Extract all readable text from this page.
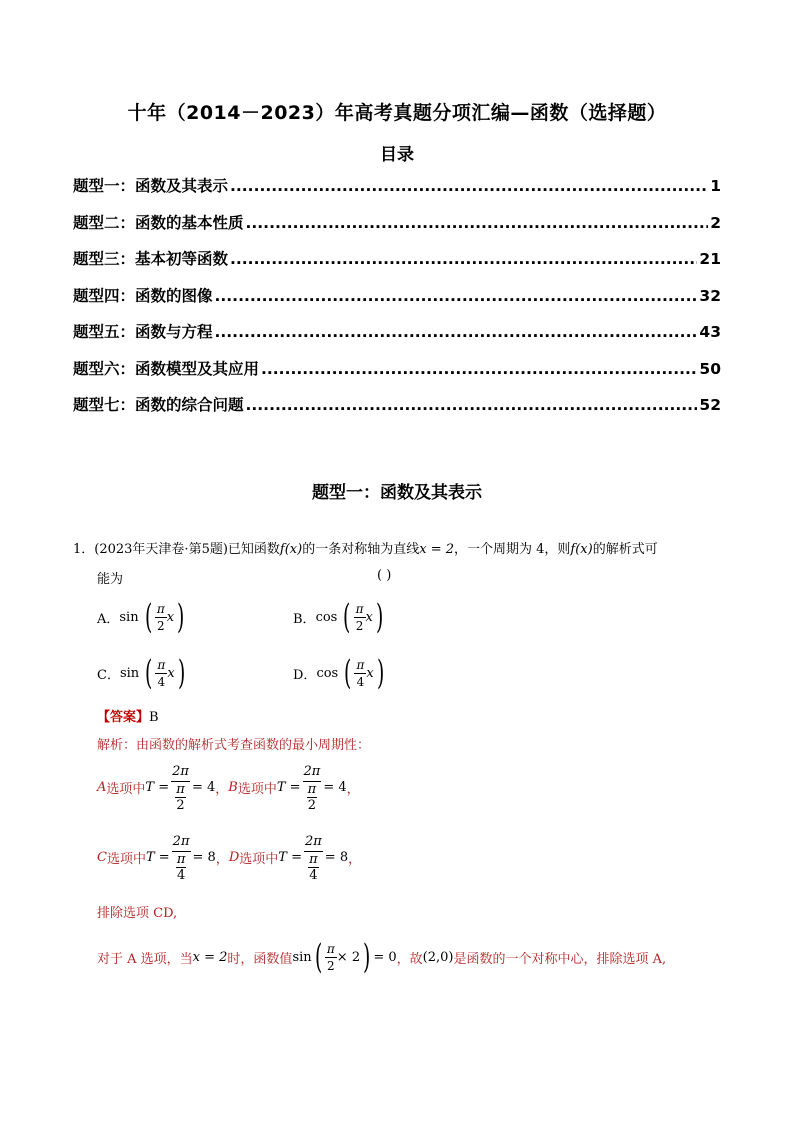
十年（2014－2023）年高考真题分项汇编—函数（选择题）
目录
题型一：函数及其表示 .....	1
题型二：函数的基本性质 .....	2
题型三：基本初等函数 .....	21
题型四：函数的图像 .....	32
题型五：函数与方程 .....	43
题型六：函数模型及其应用 .....	50
题型七：函数的综合问题 .....	52
题型一：函数及其表示
1．(2023年天津卷·第5题)已知函数f(x)的一条对称轴为直线x = 2，一个周期为 4，则f(x)的解析式可
能为	( )
A． sin ( $\frac{\pi}{2}$ x )	B． cos ( $\frac{\pi}{2}$ x )
C． sin ( $\frac{\pi}{4}$ x )	D． cos ( $\frac{\pi}{4}$ x )
【答案】B
解析：由函数的解析式考查函数的最小周期性：
A 选项中 $T = \frac{2\pi}{\frac{\pi}{2}} = 4$ ， B 选项中 $T = \frac{2\pi}{\frac{\pi}{2}} = 4$ ，
C 选项中 $T = \frac{2\pi}{\frac{\pi}{4}} = 8$ ， D 选项中 $T = \frac{2\pi}{\frac{\pi}{4}} = 8$ ，
排除选项 CD,
对于 A 选项，当 x = 2 时，函数值 sin ( $\frac{\pi}{2} \times 2$ ) = 0 ，故 (2,0) 是函数的一个对称中心，排除选项 A,
